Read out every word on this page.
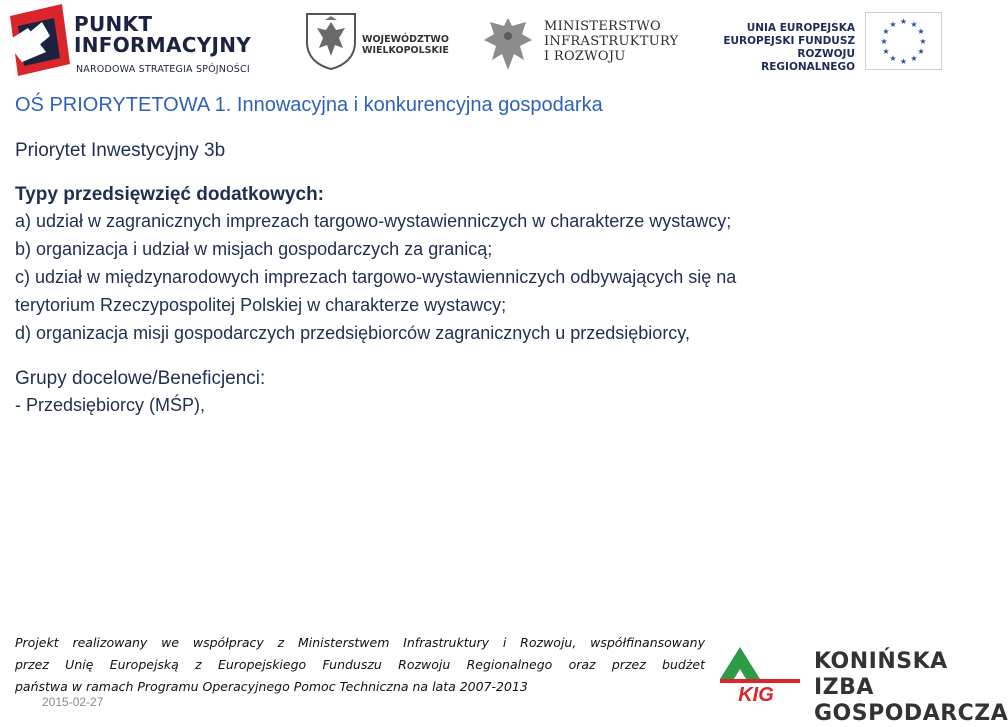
PUNKT
INFORMACYJNY
NARODOWA STRATEGIA SPÓJNOŚCI
WOJEWÓDZTWO
WIELKOPOLSKIE
MINISTERSTWO
INFRASTRUKTURY
I ROZWOJU
UNIA EUROPEJSKA
EUROPEJSKI FUNDUSZ
ROZWOJU REGIONALNEGO
★ ★
★
★
★
★
★
★
★
★
★
★
OŚ PRIORYTETOWA 1. Innowacyjna i konkurencyjna gospodarka
Priorytet Inwestycyjny 3b
Typy przedsięwzięć dodatkowych:
a) udział w zagranicznych imprezach targowo-wystawienniczych w charakterze wystawcy;
b) organizacja i udział w misjach gospodarczych za granicą;
c) udział w międzynarodowych imprezach targowo-wystawienniczych odbywających się na
terytorium Rzeczypospolitej Polskiej w charakterze wystawcy;
d) organizacja misji gospodarczych przedsiębiorców zagranicznych u przedsiębiorcy,
Grupy docelowe/Beneficjenci:
- Przedsiębiorcy (MŚP),
Projekt realizowany we współpracy z Ministerstwem Infrastruktury i Rozwoju, współfinansowany
przez Unię Europejską z Europejskiego Funduszu Rozwoju Regionalnego oraz przez budżet
państwa w ramach Programu Operacyjnego Pomoc Techniczna na lata 2007-2013
2015-02-27	KIG
KONIŃSKA IZBA
GOSPODARCZA
